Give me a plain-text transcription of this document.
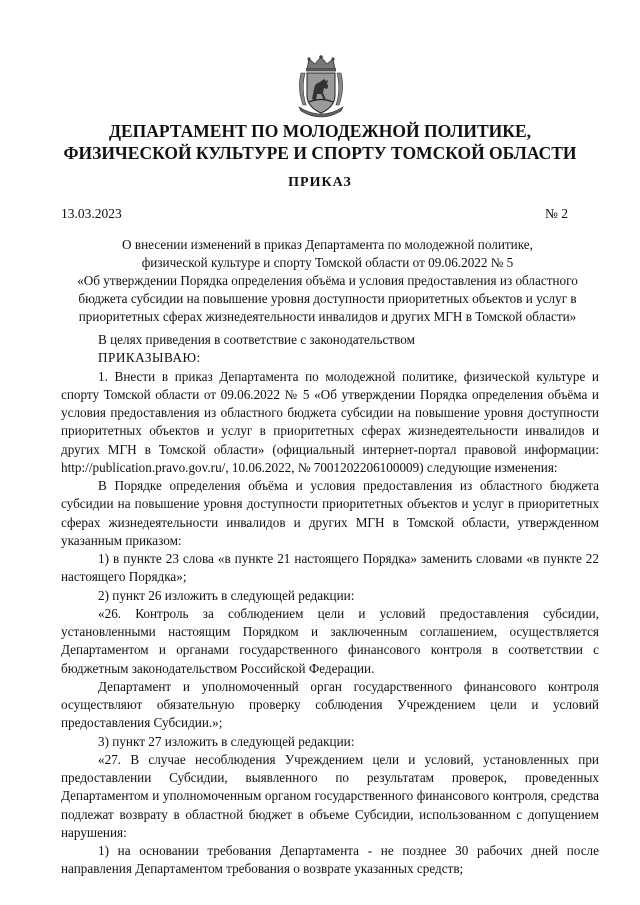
ДЕПАРТАМЕНТ ПО МОЛОДЕЖНОЙ ПОЛИТИКЕ,
ФИЗИЧЕСКОЙ КУЛЬТУРЕ И СПОРТУ ТОМСКОЙ ОБЛАСТИ
ПРИКАЗ
13.03.2023	№ 2
О внесении изменений в приказ Департамента по молодежной политике,
физической культуре и спорту Томской области от 09.06.2022 № 5
«Об утверждении Порядка определения объёма и условия предоставления из областного
бюджета субсидии на повышение уровня доступности приоритетных объектов и услуг в
приоритетных сферах жизнедеятельности инвалидов и других МГН в Томской области»

В целях приведения в соответствие с законодательством

ПРИКАЗЫВАЮ:

1. Внести в приказ Департамента по молодежной политике, физической культуре и спорту Томской области от 09.06.2022 № 5 «Об утверждении Порядка определения объёма и условия предоставления из областного бюджета субсидии на повышение уровня доступности приоритетных объектов и услуг в приоритетных сферах жизнедеятельности инвалидов и других МГН в Томской области» (официальный интернет-портал правовой информации: http://publication.pravo.gov.ru/, 10.06.2022, № 7001202206100009) следующие изменения:

В Порядке определения объёма и условия предоставления из областного бюджета субсидии на повышение уровня доступности приоритетных объектов и услуг в приоритетных сферах жизнедеятельности инвалидов и других МГН в Томской области, утвержденном указанным приказом:

1) в пункте 23 слова «в пункте 21 настоящего Порядка» заменить словами «в пункте 22 настоящего Порядка»;

2) пункт 26 изложить в следующей редакции:

«26. Контроль за соблюдением цели и условий предоставления субсидии, установленными настоящим Порядком и заключенным соглашением, осуществляется Департаментом и органами государственного финансового контроля в соответствии с бюджетным законодательством Российской Федерации.

Департамент и уполномоченный орган государственного финансового контроля осуществляют обязательную проверку соблюдения Учреждением цели и условий предоставления Субсидии.»;

3) пункт 27 изложить в следующей редакции:

«27. В случае несоблюдения Учреждением цели и условий, установленных при предоставлении Субсидии, выявленного по результатам проверок, проведенных Департаментом и уполномоченным органом государственного финансового контроля, средства подлежат возврату в областной бюджет в объеме Субсидии, использованном с допущением нарушения:

1) на основании требования Департамента - не позднее 30 рабочих дней после направления Департаментом требования о возврате указанных средств;
